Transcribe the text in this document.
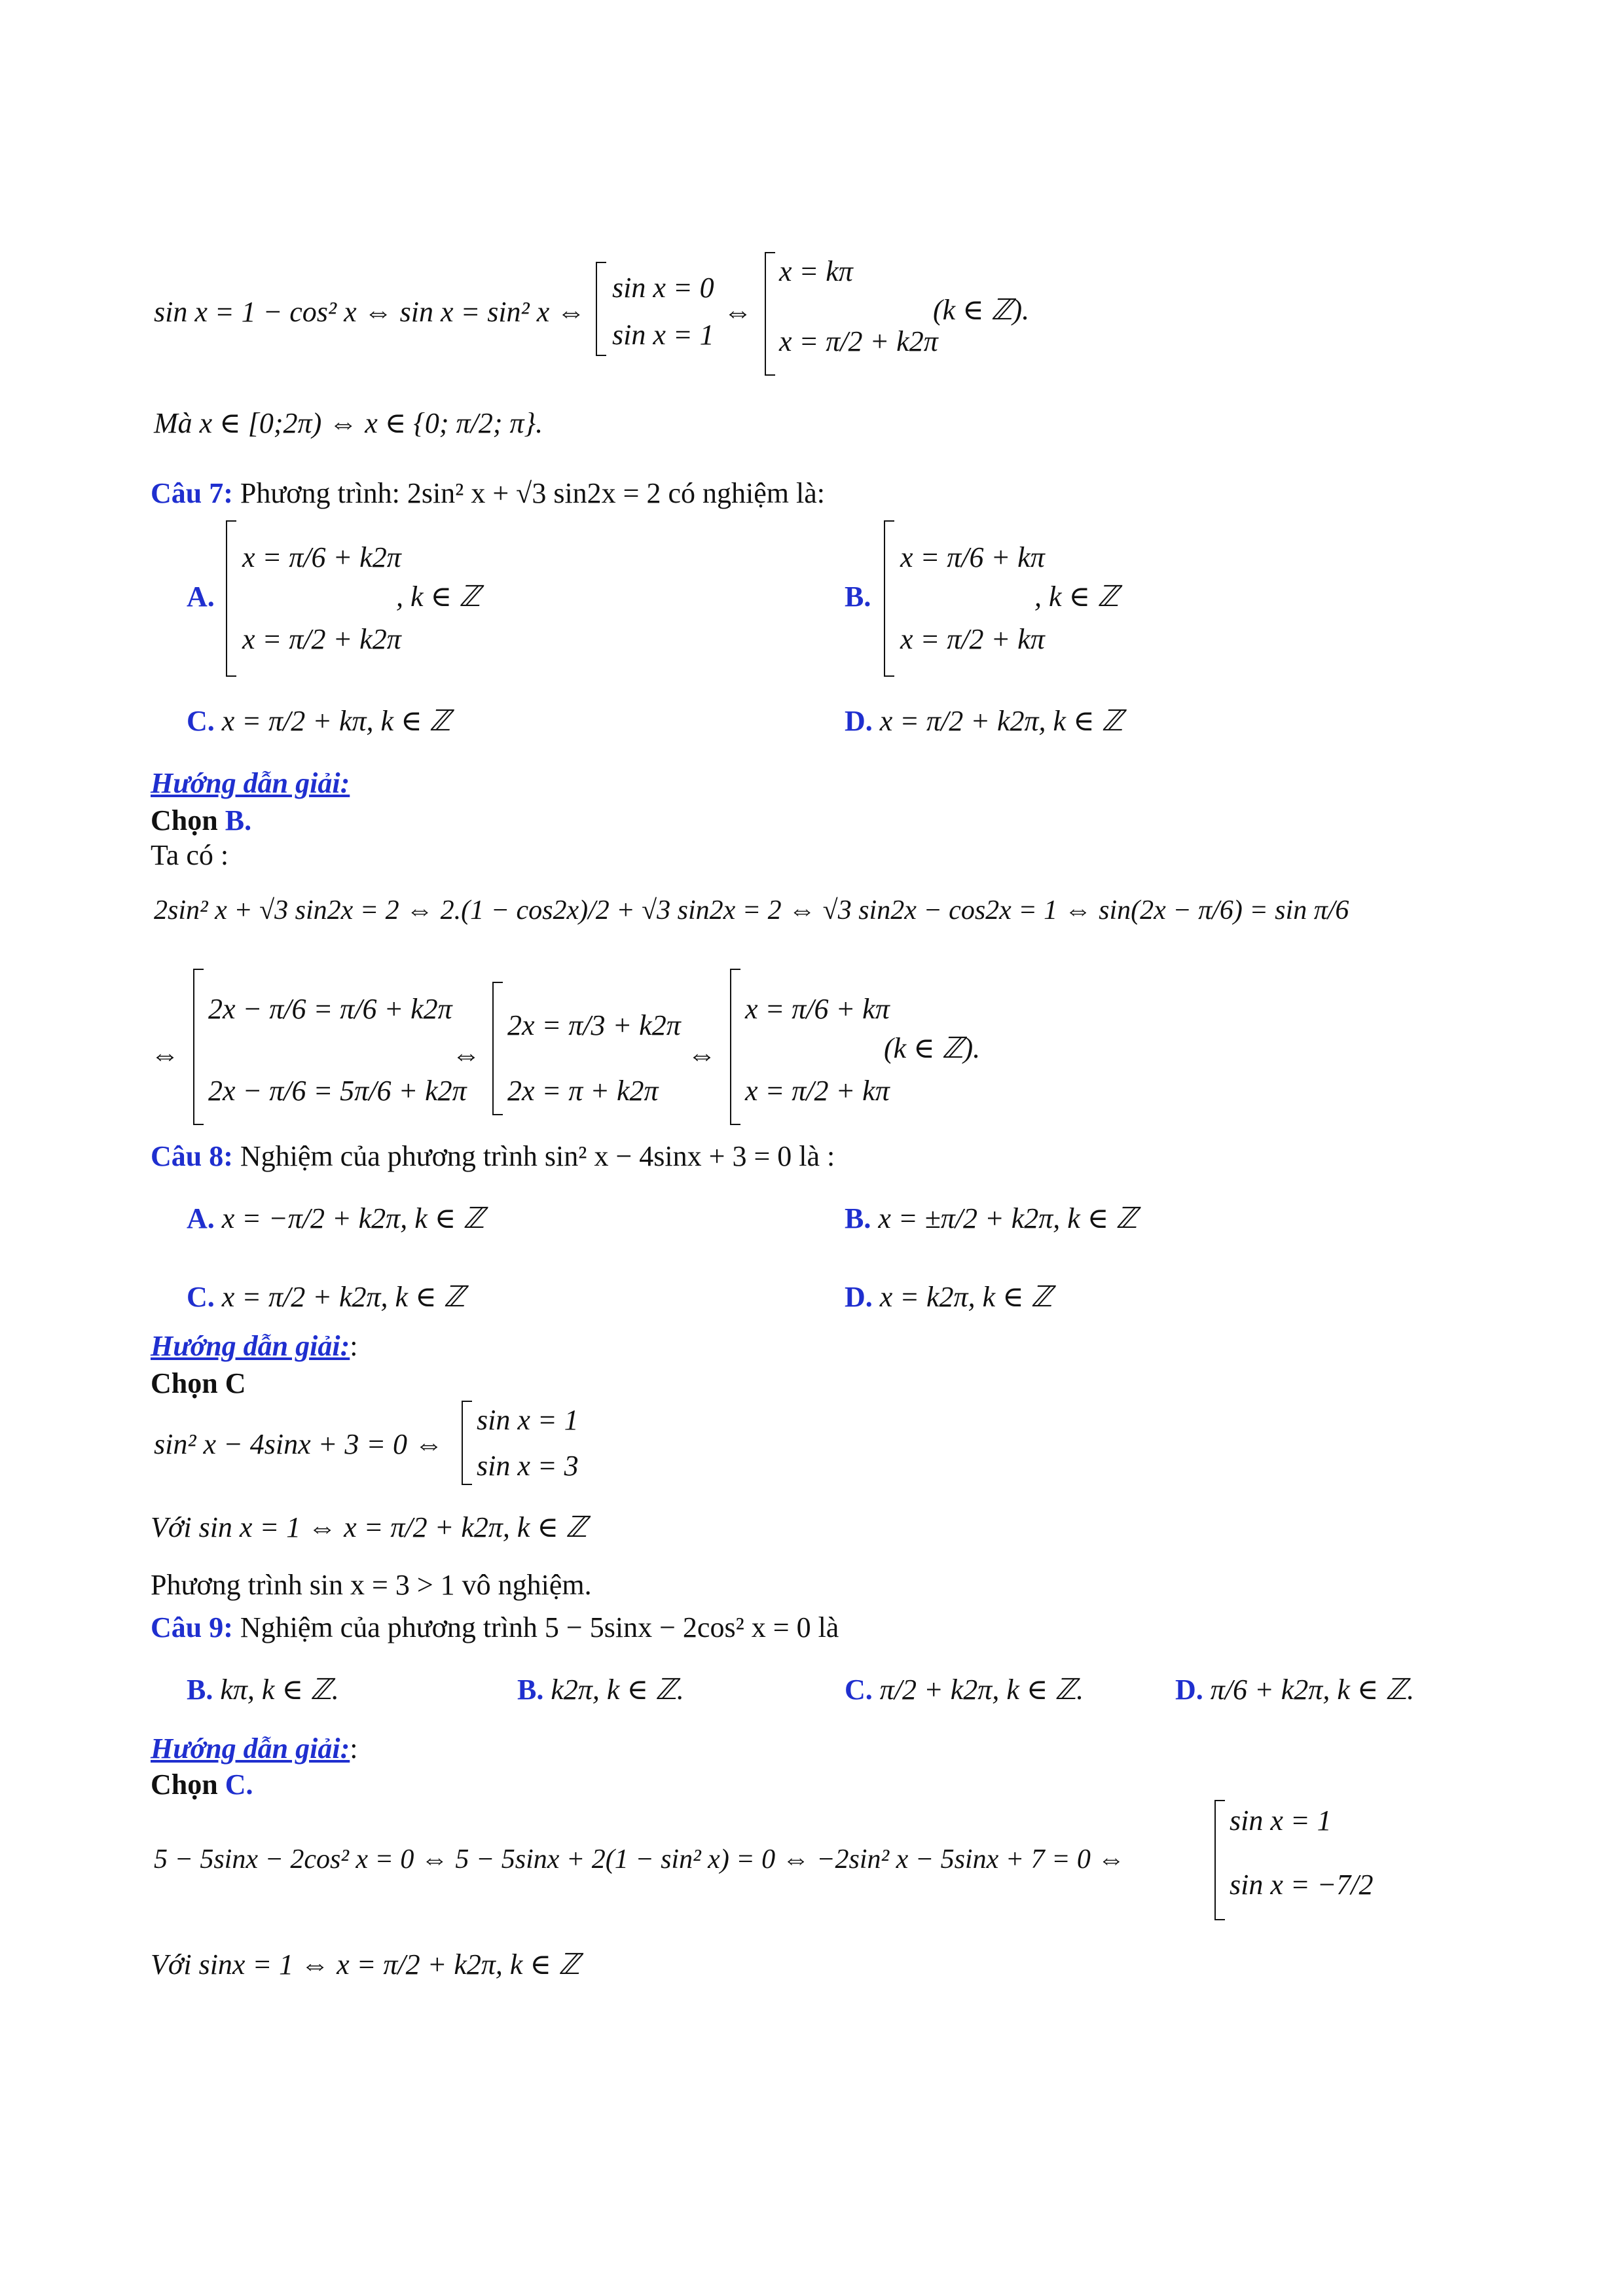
sin x = 1 − cos² x ⇔ sin x = sin² x ⇔
sin x = 0
sin x = 1
⇔
x = kπ
x = π/2 + k2π
(k ∈ ℤ).
Mà x ∈ [0;2π) ⇔ x ∈ {0; π/2; π}.
Câu 7: Phương trình: 2sin² x + √3 sin2x = 2 có nghiệm là:
A.
x = π/6 + k2π
x = π/2 + k2π
, k ∈ ℤ	B.
x = π/6 + kπ
x = π/2 + kπ
, k ∈ ℤ
C. x = π/2 + kπ, k ∈ ℤ	D. x = π/2 + k2π, k ∈ ℤ
Hướng dẫn giải:
Chọn B.
Ta có :
2sin² x + √3 sin2x = 2 ⇔ 2.(1 − cos2x)/2 + √3 sin2x = 2 ⇔ √3 sin2x − cos2x = 1 ⇔ sin(2x − π/6) = sin π/6
⇔
2x − π/6 = π/6 + k2π
2x − π/6 = 5π/6 + k2π
⇔
2x = π/3 + k2π
2x = π + k2π
⇔
x = π/6 + kπ
x = π/2 + kπ
(k ∈ ℤ).
Câu 8: Nghiệm của phương trình sin² x − 4sinx + 3 = 0 là :
A. x = −π/2 + k2π, k ∈ ℤ	B. x = ±π/2 + k2π, k ∈ ℤ
C. x = π/2 + k2π, k ∈ ℤ	D. x = k2π, k ∈ ℤ
Hướng dẫn giải::
Chọn C
sin² x − 4sinx + 3 = 0 ⇔
sin x = 1
sin x = 3
Với sin x = 1 ⇔ x = π/2 + k2π, k ∈ ℤ
Phương trình sin x = 3 > 1 vô nghiệm.
Câu 9: Nghiệm của phương trình 5 − 5sinx − 2cos² x = 0 là
B. kπ, k ∈ ℤ.	B. k2π, k ∈ ℤ.	C. π/2 + k2π, k ∈ ℤ.	D. π/6 + k2π, k ∈ ℤ.
Hướng dẫn giải::
Chọn C.
5 − 5sinx − 2cos² x = 0 ⇔ 5 − 5sinx + 2(1 − sin² x) = 0 ⇔ −2sin² x − 5sinx + 7 = 0 ⇔
sin x = 1
sin x = −7/2
Với sinx = 1 ⇔ x = π/2 + k2π, k ∈ ℤ
